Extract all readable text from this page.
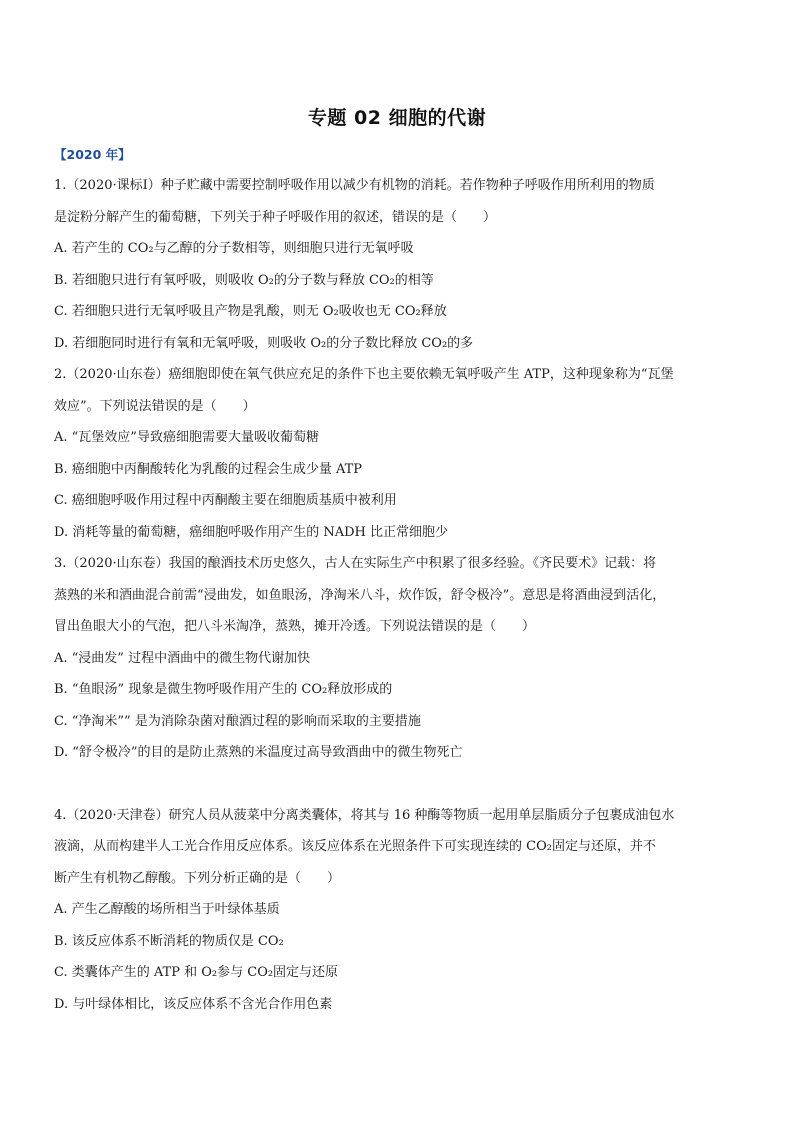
专题 02 细胞的代谢
【2020 年】
1.（2020·课标Ⅰ）种子贮藏中需要控制呼吸作用以减少有机物的消耗。若作物种子呼吸作用所利用的物质
是淀粉分解产生的葡萄糖，下列关于种子呼吸作用的叙述，错误的是（　　）
A. 若产生的 CO₂与乙醇的分子数相等，则细胞只进行无氧呼吸
B. 若细胞只进行有氧呼吸，则吸收 O₂的分子数与释放 CO₂的相等
C. 若细胞只进行无氧呼吸且产物是乳酸，则无 O₂吸收也无 CO₂释放
D. 若细胞同时进行有氧和无氧呼吸，则吸收 O₂的分子数比释放 CO₂的多
2.（2020·山东卷）癌细胞即使在氧气供应充足的条件下也主要依赖无氧呼吸产生 ATP，这种现象称为“瓦堡
效应”。下列说法错误的是（　　）
A. “瓦堡效应”导致癌细胞需要大量吸收葡萄糖
B. 癌细胞中丙酮酸转化为乳酸的过程会生成少量 ATP
C. 癌细胞呼吸作用过程中丙酮酸主要在细胞质基质中被利用
D. 消耗等量的葡萄糖，癌细胞呼吸作用产生的 NADH 比正常细胞少
3.（2020·山东卷）我国的酿酒技术历史悠久，古人在实际生产中积累了很多经验。《齐民要术》记载：将
蒸熟的米和酒曲混合前需“浸曲发，如鱼眼汤，净淘米八斗，炊作饭，舒令极冷”。意思是将酒曲浸到活化，
冒出鱼眼大小的气泡，把八斗米淘净，蒸熟，摊开冷透。下列说法错误的是（　　）
A. “浸曲发” 过程中酒曲中的微生物代谢加快
B. “鱼眼汤” 现象是微生物呼吸作用产生的 CO₂释放形成的
C. “净淘米”” 是为消除杂菌对酿酒过程的影响而采取的主要措施
D. “舒令极冷”的目的是防止蒸熟的米温度过高导致酒曲中的微生物死亡
4.（2020·天津卷）研究人员从菠菜中分离类囊体，将其与 16 种酶等物质一起用单层脂质分子包裹成油包水
液滴，从而构建半人工光合作用反应体系。该反应体系在光照条件下可实现连续的 CO₂固定与还原，并不
断产生有机物乙醇酸。下列分析正确的是（　　）
A. 产生乙醇酸的场所相当于叶绿体基质
B. 该反应体系不断消耗的物质仅是 CO₂
C. 类囊体产生的 ATP 和 O₂参与 CO₂固定与还原
D. 与叶绿体相比，该反应体系不含光合作用色素
